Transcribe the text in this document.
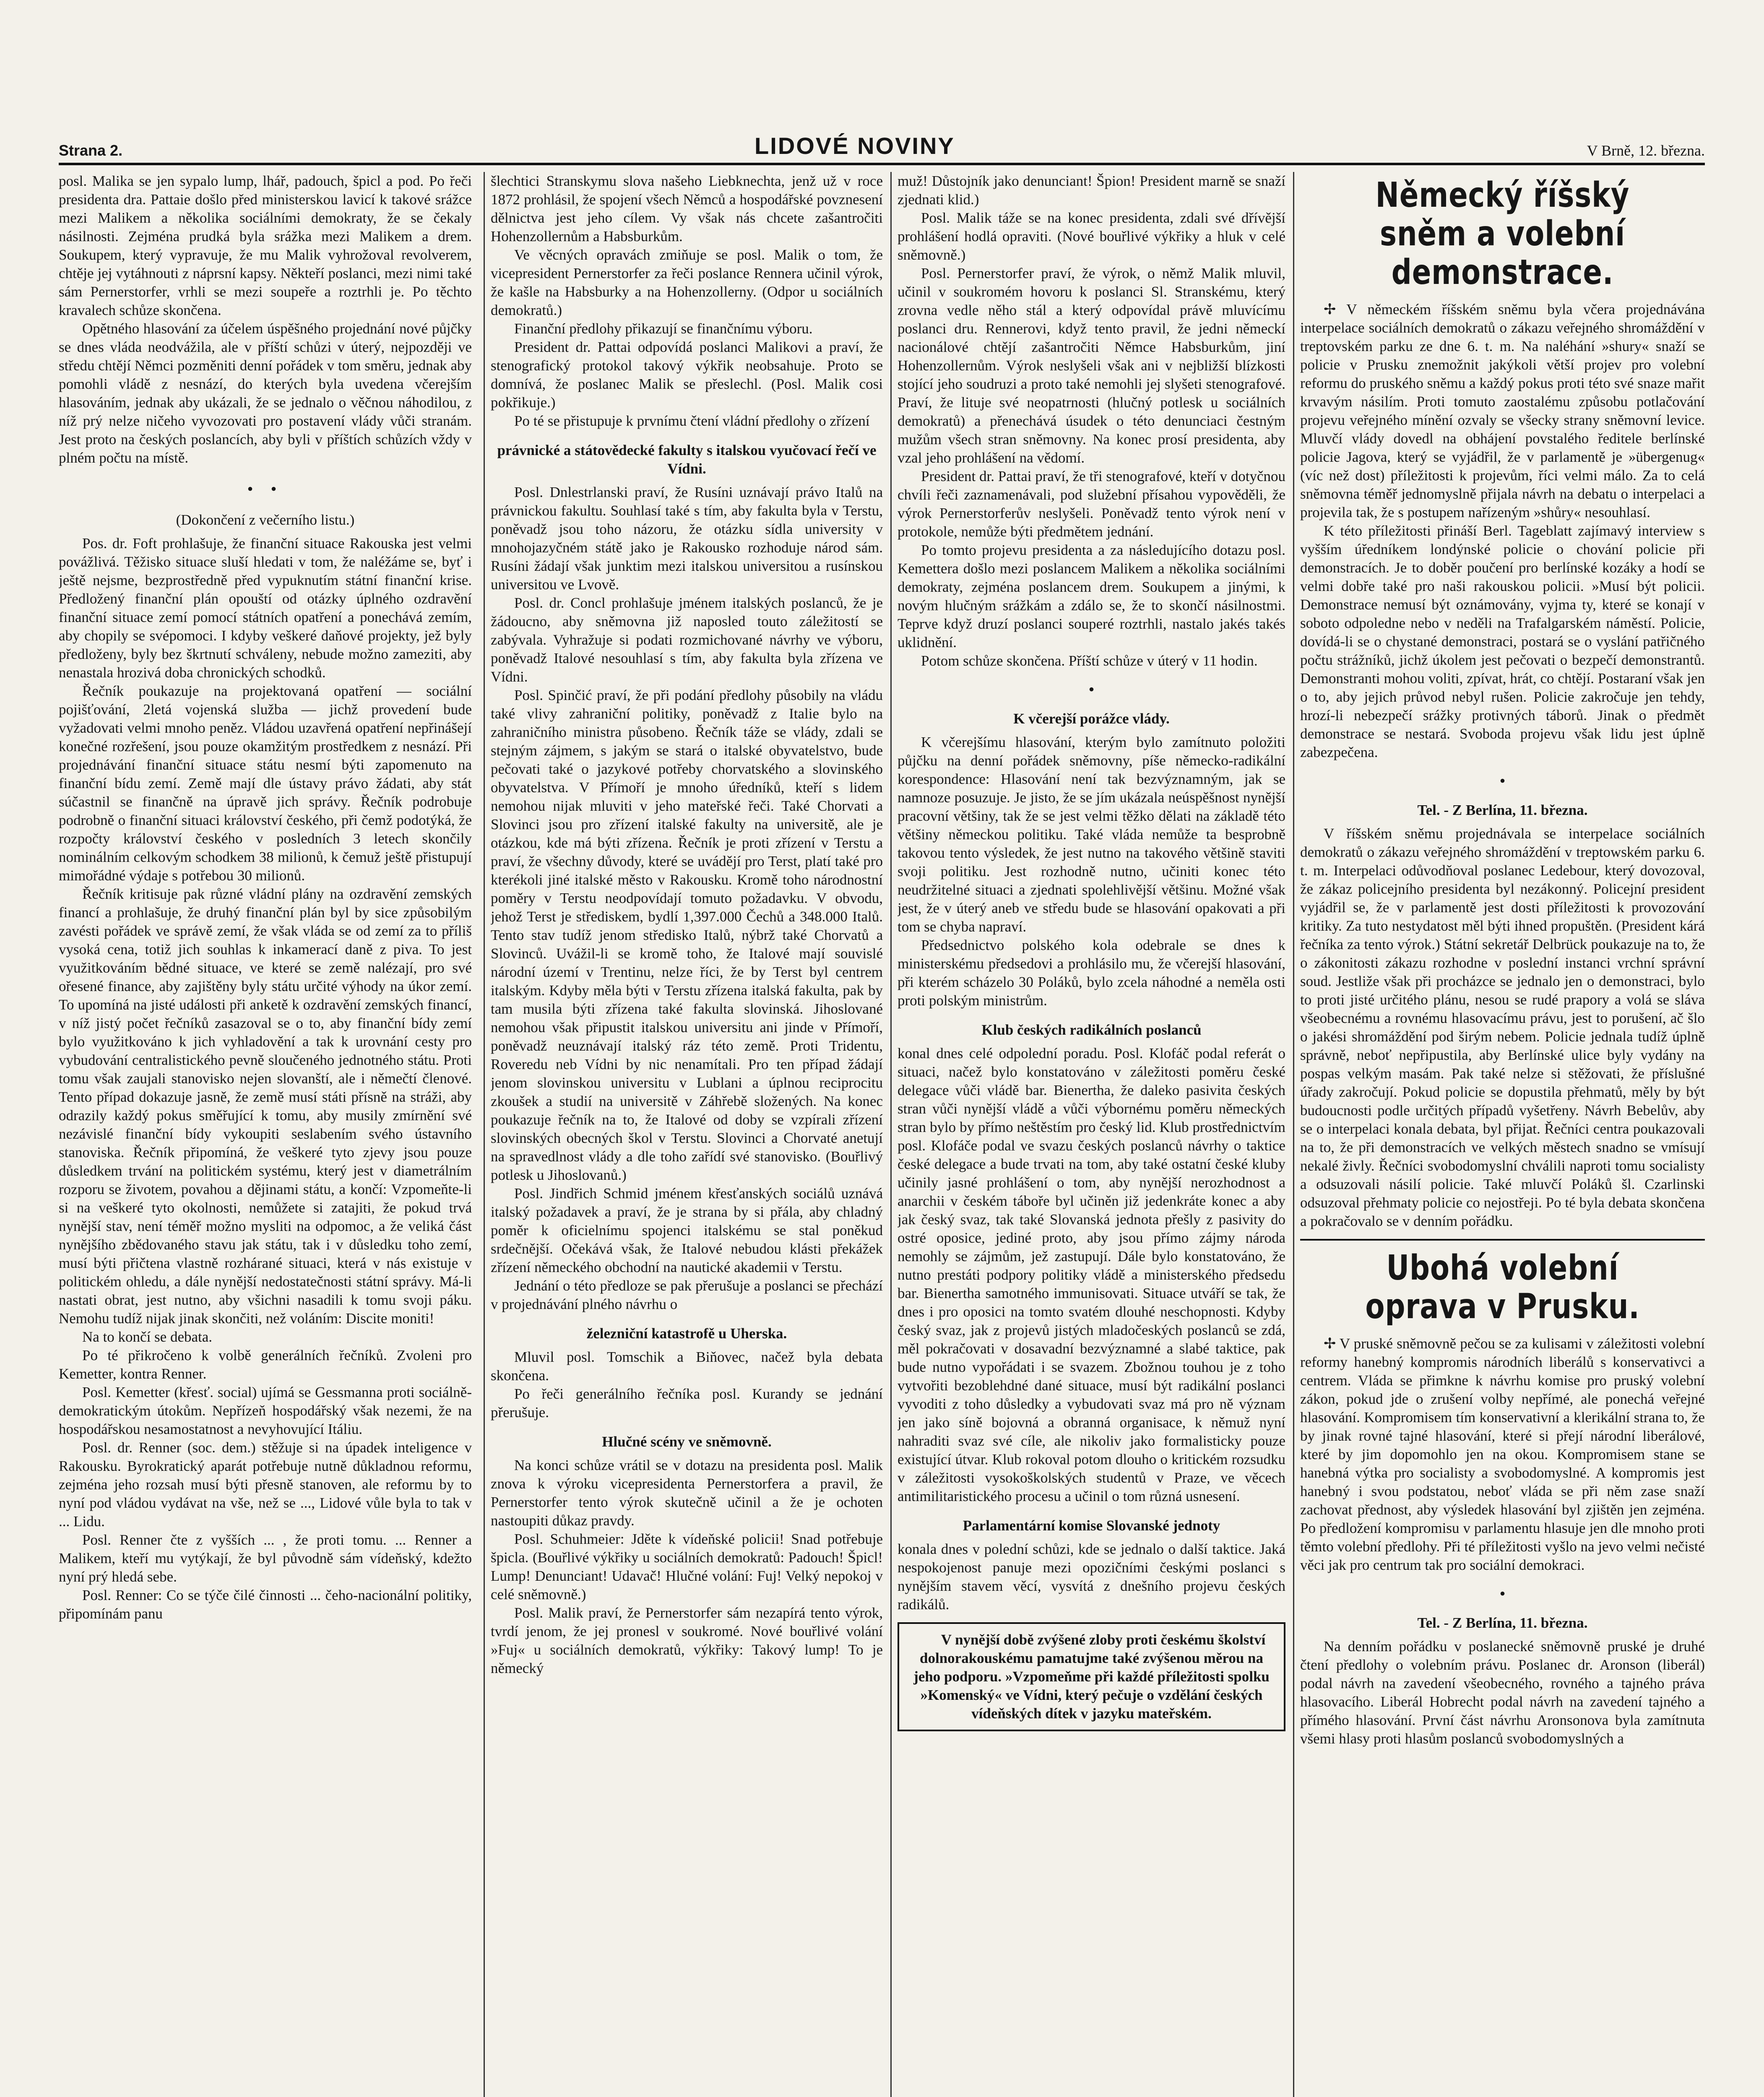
Strana 2.	LIDOVÉ NOVINY	V Brně, 12. března.

posl. Malika se jen sypalo lump, lhář, padouch, špicl a pod. Po řeči presidenta dra. Pattaie došlo před ministerskou lavicí k takové srážce mezi Malikem a několika sociálními demokraty, že se čekaly násilnosti. Zejména prudká byla srážka mezi Malikem a drem. Soukupem, který vypravuje, že mu Malik vyhrožoval revolverem, chtěje jej vytáhnouti z náprsní kapsy. Někteří poslanci, mezi nimi také sám Pernerstorfer, vrhli se mezi soupeře a roztrhli je. Po těchto kravalech schůze skončena.

Opětného hlasování za účelem úspěšného projednání nové půjčky se dnes vláda neodvážila, ale v příští schůzi v úterý, nejpozději ve středu chtějí Němci pozměniti denní pořádek v tom směru, jednak aby pomohli vládě z nesnází, do kterých byla uvedena včerejším hlasováním, jednak aby ukázali, že se jednalo o věčnou náhodilou, z níž prý nelze ničeho vyvozovati pro postavení vlády vůči stranám. Jest proto na českých poslancích, aby byli v příštích schůzích vždy v plném počtu na místě.

• •
(Dokončení z večerního listu.)

Pos. dr. Foft prohlašuje, že finanční situace Rakouska jest velmi povážlivá. Těžisko situace sluší hledati v tom, že naléžáme se, byť i ještě nejsme, bezprostředně před vypuknutím státní finanční krise. Předložený finanční plán opouští od otázky úplného ozdravění finanční situace zemí pomocí státních opatření a ponechává zemím, aby chopily se svépomoci. I kdyby veškeré daňové projekty, jež byly předloženy, byly bez škrtnutí schváleny, nebude možno zameziti, aby nenastala hrozivá doba chronických schodků.

Řečník poukazuje na projektovaná opatření — sociální pojišťování, 2letá vojenská služba — jichž provedení bude vyžadovati velmi mnoho peněz. Vládou uzavřená opatření nepřinášejí konečné rozřešení, jsou pouze okamžitým prostředkem z nesnází. Při projednávání finanční situace státu nesmí býti zapomenuto na finanční bídu zemí. Země mají dle ústavy právo žádati, aby stát súčastnil se finančně na úpravě jich správy. Řečník podrobuje podrobně o finanční situaci království českého, při čemž podotýká, že rozpočty království českého v posledních 3 letech skončily nominálním celkovým schodkem 38 milionů, k čemuž ještě přistupují mimořádné výdaje s potřebou 30 milionů.

Řečník kritisuje pak různé vládní plány na ozdravění zemských financí a prohlašuje, že druhý finanční plán byl by sice způsobilým zavésti pořádek ve správě zemí, že však vláda se od zemí za to příliš vysoká cena, totiž jich souhlas k inkamerací daně z piva. To jest využitkováním bědné situace, ve které se země nalézají, pro své ořesené finance, aby zajištěny byly státu určité výhody na úkor zemí. To upomíná na jisté události při anketě k ozdravění zemských financí, v níž jistý počet řečníků zasazoval se o to, aby finanční bídy zemí bylo využitkováno k jich vyhladovění a tak k urovnání cesty pro vybudování centralistického pevně sloučeného jednotného státu. Proti tomu však zaujali stanovisko nejen slovanští, ale i němečtí členové. Tento případ dokazuje jasně, že země musí státi přísně na stráži, aby odrazily každý pokus směřující k tomu, aby musily zmírnění své nezávislé finanční bídy vykoupiti seslabením svého ústavního stanoviska. Řečník připomíná, že veškeré tyto zjevy jsou pouze důsledkem trvání na politickém systému, který jest v diametrálním rozporu se životem, povahou a dějinami státu, a končí: Vzpomeňte-li si na veškeré tyto okolnosti, nemůžete si zatajiti, že pokud trvá nynější stav, není téměř možno mysliti na odpomoc, a že veliká část nynějšího zbědovaného stavu jak státu, tak i v důsledku toho zemí, musí býti přičtena vlastně rozhárané situaci, která v nás existuje v politickém ohledu, a dále nynější nedostatečnosti státní správy. Má-li nastati obrat, jest nutno, aby všichni nasadili k tomu svoji páku. Nemohu tudíž nijak jinak skončiti, než voláním: Discite moniti!

Na to končí se debata.

Po té přikročeno k volbě generálních řečníků. Zvoleni pro Kemetter, kontra Renner.

Posl. Kemetter (křesť. social) ujímá se Gessmanna proti sociálně-demokratickým útokům. Nepřízeň hospodářský však nezemi, že na hospodářskou nesamostatnost a nevyhovující Itáliu.

Posl. dr. Renner (soc. dem.) stěžuje si na úpadek inteligence v Rakousku. Byrokratický aparát potřebuje nutně důkladnou reformu, zejména jeho rozsah musí býti přesně stanoven, ale reformu by to nyní pod vládou vydávat na vše, než se ..., Lidové vůle byla to tak v ... Lidu.

Posl. Renner čte z vyšších ... , že proti tomu. ... Renner a Malikem, kteří mu vytýkají, že byl původně sám vídeňský, kdežto nyní prý hledá sebe.

Posl. Renner: Co se týče čilé činnosti ... čeho-nacionální politiky, připomínám panu

šlechtici Stranskymu slova našeho Liebknechta, jenž už v roce 1872 prohlásil, že spojení všech Němců a hospodářské povznesení dělnictva jest jeho cílem. Vy však nás chcete zašantročiti Hohenzollernům a Habsburkům.

Ve věcných opravách zmiňuje se posl. Malik o tom, že vicepresident Pernerstorfer za řeči poslance Rennera učinil výrok, že kašle na Habsburky a na Hohenzollerny. (Odpor u sociálních demokratů.)

Finanční předlohy přikazují se finančnímu výboru.

President dr. Pattai odpovídá poslanci Malikovi a praví, že stenografický protokol takový výkřik neobsahuje. Proto se domnívá, že poslanec Malik se přeslechl. (Posl. Malik cosi pokřikuje.)

Po té se přistupuje k prvnímu čtení vládní předlohy o zřízení

právnické a státovědecké fakulty s italskou vyučovací řečí ve Vídni.

Posl. Dnlestrlanski praví, že Rusíni uznávají právo Italů na právnickou fakultu. Souhlasí také s tím, aby fakulta byla v Terstu, poněvadž jsou toho názoru, že otázku sídla university v mnohojazyčném státě jako je Rakousko rozhoduje národ sám. Rusíni žádají však junktim mezi italskou universitou a rusínskou universitou ve Lvově.

Posl. dr. Concl prohlašuje jménem italských poslanců, že je žádoucno, aby sněmovna již naposled touto záležitostí se zabývala. Vyhražuje si podati rozmichované návrhy ve výboru, poněvadž Italové nesouhlasí s tím, aby fakulta byla zřízena ve Vídni.

Posl. Spinčić praví, že při podání předlohy působily na vládu také vlivy zahraniční politiky, poněvadž z Italie bylo na zahraničního ministra působeno. Řečník táže se vlády, zdali se stejným zájmem, s jakým se stará o italské obyvatelstvo, bude pečovati také o jazykové potřeby chorvatského a slovinského obyvatelstva. V Přímoří je mnoho úředníků, kteří s lidem nemohou nijak mluviti v jeho mateřské řeči. Také Chorvati a Slovinci jsou pro zřízení italské fakulty na universitě, ale je otázkou, kde má býti zřízena. Řečník je proti zřízení v Terstu a praví, že všechny důvody, které se uvádějí pro Terst, platí také pro kterékoli jiné italské město v Rakousku. Kromě toho národnostní poměry v Terstu neodpovídají tomuto požadavku. V obvodu, jehož Terst je střediskem, bydlí 1,397.000 Čechů a 348.000 Italů. Tento stav tudíž jenom středisko Italů, nýbrž také Chorvatů a Slovinců. Uvážil-li se kromě toho, že Italové mají souvislé národní území v Trentinu, nelze říci, že by Terst byl centrem italským. Kdyby měla býti v Terstu zřízena italská fakulta, pak by tam musila býti zřízena také fakulta slovinská. Jihoslované nemohou však připustit italskou universitu ani jinde v Přímoří, poněvadž neuznávají italský ráz této země. Proti Tridentu, Roveredu neb Vídni by nic nenamítali. Pro ten případ žádají jenom slovinskou universitu v Lublani a úplnou reciprocitu zkoušek a studií na universitě v Záhřebě složených. Na konec poukazuje řečník na to, že Italové od doby se vzpírali zřízení slovinských obecných škol v Terstu. Slovinci a Chorvaté anetují na spravedlnost vlády a dle toho zařídí své stanovisko. (Bouřlivý potlesk u Jihoslovanů.)

Posl. Jindřich Schmid jménem křesťanských sociálů uznává italský požadavek a praví, že je strana by si přála, aby chladný poměr k oficielnímu spojenci italskému se stal poněkud srdečnější. Očekává však, že Italové nebudou klásti překážek zřízení německého obchodní na nautické akademii v Terstu.

Jednání o této předloze se pak přerušuje a poslanci se přechází v projednávání plného návrhu o

železniční katastrofě u Uherska.

Mluvil posl. Tomschik a Biňovec, načež byla debata skončena.

Po řeči generálního řečníka posl. Kurandy se jednání přerušuje.

Hlučné scény ve sněmovně.

Na konci schůze vrátil se v dotazu na presidenta posl. Malik znova k výroku vicepresidenta Pernerstorfera a pravil, že Pernerstorfer tento výrok skutečně učinil a že je ochoten nastoupiti důkaz pravdy.

Posl. Schuhmeier: Jděte k vídeňské policii! Snad potřebuje špicla. (Bouřlivé výkřiky u sociálních demokratů: Padouch! Špicl! Lump! Denunciant! Udavač! Hlučné volání: Fuj! Velký nepokoj v celé sněmovně.)

Posl. Malik praví, že Pernerstorfer sám nezapírá tento výrok, tvrdí jenom, že jej pronesl v soukromé. Nové bouřlivé volání »Fuj« u sociálních demokratů, výkřiky: Takový lump! To je německý

muž! Důstojník jako denunciant! Špion! President marně se snaží zjednati klid.)

Posl. Malik táže se na konec presidenta, zdali své dřívější prohlášení hodlá opraviti. (Nové bouřlivé výkřiky a hluk v celé sněmovně.)

Posl. Pernerstorfer praví, že výrok, o němž Malik mluvil, učinil v soukromém hovoru k poslanci Sl. Stranskému, který zrovna vedle něho stál a který odpovídal právě mluvícímu poslanci dru. Rennerovi, když tento pravil, že jedni německí nacionálové chtějí zašantročiti Němce Habsburkům, jiní Hohenzollernům. Výrok neslyšeli však ani v nejbližší blízkosti stojící jeho soudruzi a proto také nemohli jej slyšeti stenografové. Praví, že lituje své neopatrnosti (hlučný potlesk u sociálních demokratů) a přenechává úsudek o této denunciaci čestným mužům všech stran sněmovny. Na konec prosí presidenta, aby vzal jeho prohlášení na vědomí.

President dr. Pattai praví, že tři stenografové, kteří v dotyčnou chvíli řeči zaznamenávali, pod služební přísahou vypověděli, že výrok Pernerstorferův neslyšeli. Poněvadž tento výrok není v protokole, nemůže býti předmětem jednání.

Po tomto projevu presidenta a za následujícího dotazu posl. Kemettera došlo mezi poslancem Malikem a několika sociálními demokraty, zejména poslancem drem. Soukupem a jinými, k novým hlučným srážkám a zdálo se, že to skončí násilnostmi. Teprve když druzí poslanci souperé roztrhli, nastalo jakés takés uklidnění.

Potom schůze skončena. Příští schůze v úterý v 11 hodin.

•
K včerejší porážce vlády.

K včerejšímu hlasování, kterým bylo zamítnuto položiti půjčku na denní pořádek sněmovny, píše německo-radikální korespondence: Hlasování není tak bezvýznamným, jak se namnoze posuzuje. Je jisto, že se jím ukázala neúspěšnost nynější pracovní většiny, tak že se jest velmi těžko dělati na základě této většiny německou politiku. Také vláda nemůže ta besprobně takovou tento výsledek, že jest nutno na takového většině staviti svoji politiku. Jest rozhodně nutno, učiniti konec této neudržitelné situaci a zjednati spolehlivější většinu. Možné však jest, že v úterý aneb ve středu bude se hlasování opakovati a při tom se chyba napraví.

Předsednictvo polského kola odebrale se dnes k ministerskému předsedovi a prohlásilo mu, že včerejší hlasování, při kterém scházelo 30 Poláků, bylo zcela náhodné a neměla osti proti polským ministrům.

Klub českých radikálních poslanců

konal dnes celé odpolední poradu. Posl. Klofáč podal referát o situaci, načež bylo konstatováno v záležitosti poměru české delegace vůči vládě bar. Bienertha, že daleko pasivita českých stran vůči nynější vládě a vůči výbornému poměru německých stran bylo by přímo neštěstím pro český lid. Klub prostřednictvím posl. Klofáče podal ve svazu českých poslanců návrhy o taktice české delegace a bude trvati na tom, aby také ostatní české kluby učinily jasné prohlášení o tom, aby nynější nerozhodnost a anarchii v českém táboře byl učiněn již jedenkráte konec a aby jak český svaz, tak také Slovanská jednota přešly z pasivity do ostré oposice, jediné proto, aby jsou přímo zájmy národa nemohly se zájmům, jež zastupují. Dále bylo konstatováno, že nutno prestáti podpory politiky vládě a ministerského předsedu bar. Bienertha samotného immunisovati. Situace utváří se tak, že dnes i pro oposici na tomto svatém dlouhé neschopnosti. Kdyby český svaz, jak z projevů jistých mladočeských poslanců se zdá, měl pokračovati v dosavadní bezvýznamné a slabé taktice, pak bude nutno vypořádati i se svazem. Zbožnou touhou je z toho vytvořiti bezoblehdné dané situace, musí být radikální poslanci vyvoditi z toho důsledky a vybudovati svaz má pro ně význam jen jako síně bojovná a obranná organisace, k němuž nyní nahraditi svaz své cíle, ale nikoliv jako formalisticky pouze existující útvar. Klub rokoval potom dlouho o kritickém rozsudku v záležitosti vysokoškolských studentů v Praze, ve věcech antimilitaristického procesu a učinil o tom různá usnesení.

Parlamentární komise Slovanské jednoty

konala dnes v polední schůzi, kde se jednalo o další taktice. Jaká nespokojenost panuje mezi opozičními českými poslanci s nynějším stavem věcí, vysvítá z dnešního projevu českých radikálů.

V nynější době zvýšené zloby proti českému školství dolnorakouskému pamatujme také zvýšenou měrou na jeho podporu. »Vzpomeňme při každé příležitosti spolku »Komenský« ve Vídni, který pečuje o vzdělání českých vídeňských dítek v jazyku mateřském.

Německý říšský sněm a volební demonstrace.

✢ V německém říšském sněmu byla včera projednávána interpelace sociálních demokratů o zákazu veřejného shromáždění v treptovském parku ze dne 6. t. m. Na naléhání »shury« snaží se policie v Prusku znemožnit jakýkoli větší projev pro volební reformu do pruského sněmu a každý pokus proti této své snaze mařit krvavým násilím. Proti tomuto zaostalému způsobu potlačování projevu veřejného mínění ozvaly se všecky strany sněmovní levice. Mluvčí vlády dovedl na obhájení povstalého ředitele berlínské policie Jagova, který se vyjádřil, že v parlamentě je »übergenug« (víc než dost) příležitosti k projevům, říci velmi málo. Za to celá sněmovna téměř jednomyslně přijala návrh na debatu o interpelaci a projevila tak, že s postupem nařízeným »shůry« nesouhlasí.

K této příležitosti přináší Berl. Tageblatt zajímavý interview s vyšším úředníkem londýnské policie o chování policie při demonstracích. Je to doběr poučení pro berlínské kozáky a hodí se velmi dobře také pro naši rakouskou policii. »Musí být policii. Demonstrace nemusí být oznámovány, vyjma ty, které se konají v soboto odpoledne nebo v neděli na Trafalgarském náměstí. Policie, dovídá-li se o chystané demonstraci, postará se o vyslání patřičného počtu strážníků, jichž úkolem jest pečovati o bezpečí demonstrantů. Demonstranti mohou voliti, zpívat, hrát, co chtějí. Postaraní však jen o to, aby jejich průvod nebyl rušen. Policie zakročuje jen tehdy, hrozí-li nebezpečí srážky protivných táborů. Jinak o předmět demonstrace se nestará. Svoboda projevu však lidu jest úplně zabezpečena.

•
Tel. - Z Berlína, 11. března.

V říšském sněmu projednávala se interpelace sociálních demokratů o zákazu veřejného shromáždění v treptowském parku 6. t. m. Interpelaci odůvodňoval poslanec Ledebour, který dovozoval, že zákaz policejního presidenta byl nezákonný. Policejní president vyjádřil se, že v parlamentě jest dosti příležitosti k provozování kritiky. Za tuto nestydatost měl býti ihned propuštěn. (President kárá řečníka za tento výrok.) Státní sekretář Delbrück poukazuje na to, že o zákonitosti zákazu rozhodne v poslední instanci vrchní správní soud. Jestliže však při procházce se jednalo jen o demonstraci, bylo to proti jisté určitého plánu, nesou se rudé prapory a volá se sláva všeobecnému a rovnému hlasovacímu právu, jest to porušení, ač šlo o jakési shromáždění pod širým nebem. Policie jednala tudíž úplně správně, neboť nepřipustila, aby Berlínské ulice byly vydány na pospas velkým masám. Pak také nelze si stěžovati, že příslušné úřady zakročují. Pokud policie se dopustila přehmatů, měly by být budoucnosti podle určitých případů vyšetřeny. Návrh Bebelův, aby se o interpelaci konala debata, byl přijat. Řečníci centra poukazovali na to, že při demonstracích ve velkých městech snadno se vmísují nekalé živly. Řečníci svobodomyslní chválili naproti tomu socialisty a odsuzovali násilí policie. Také mluvčí Poláků šl. Czarlinski odsuzoval přehmaty policie co nejostřeji. Po té byla debata skončena a pokračovalo se v denním pořádku.

Ubohá volební oprava v Prusku.

✢ V pruské sněmovně pečou se za kulisami v záležitosti volební reformy hanebný kompromis národních liberálů s konservativci a centrem. Vláda se přimkne k návrhu komise pro pruský volební zákon, pokud jde o zrušení volby nepřímé, ale ponechá veřejné hlasování. Kompromisem tím konservativní a klerikální strana to, že by jinak rovné tajné hlasování, které si přejí národní liberálové, které by jim dopomohlo jen na okou. Kompromisem stane se hanebná výtka pro socialisty a svobodomyslné. A kompromis jest hanebný i svou podstatou, neboť vláda se při něm zase snaží zachovat přednost, aby výsledek hlasování byl zjištěn jen zejména. Po předložení kompromisu v parlamentu hlasuje jen dle mnoho proti těmto volební předlohy. Při té příležitosti vyšlo na jevo velmi nečisté věci jak pro centrum tak pro sociální demokraci.

•
Tel. - Z Berlína, 11. března.

Na denním pořádku v poslanecké sněmovně pruské je druhé čtení předlohy o volebním právu. Poslanec dr. Aronson (liberál) podal návrh na zavedení všeobecného, rovného a tajného práva hlasovacího. Liberál Hobrecht podal návrh na zavedení tajného a přímého hlasování. První část návrhu Aronsonova byla zamítnuta všemi hlasy proti hlasům poslanců svobodomyslných a
